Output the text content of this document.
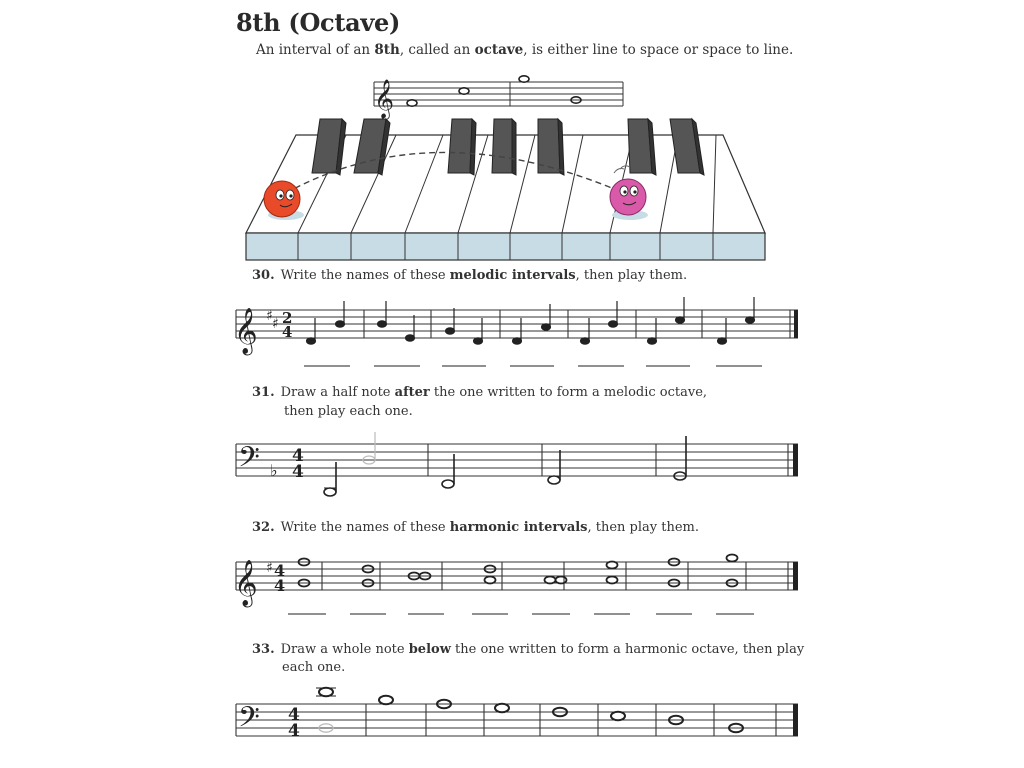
8th (Octave)
An interval of an 8th, called an octave, is either line to space or space to line.
𝄞
30. Write the names of these melodic intervals, then play them.
𝄞 ♯ ♯ 2
4
31. Draw a half note after the one written to form a melodic octave,
then play each one.
𝄢 ♭
4
4
32. Write the names of these harmonic intervals, then play them.
𝄞 ♯ 4
4
33. Draw a whole note below the one written to form a harmonic octave, then play
each one.
𝄢 4
4
